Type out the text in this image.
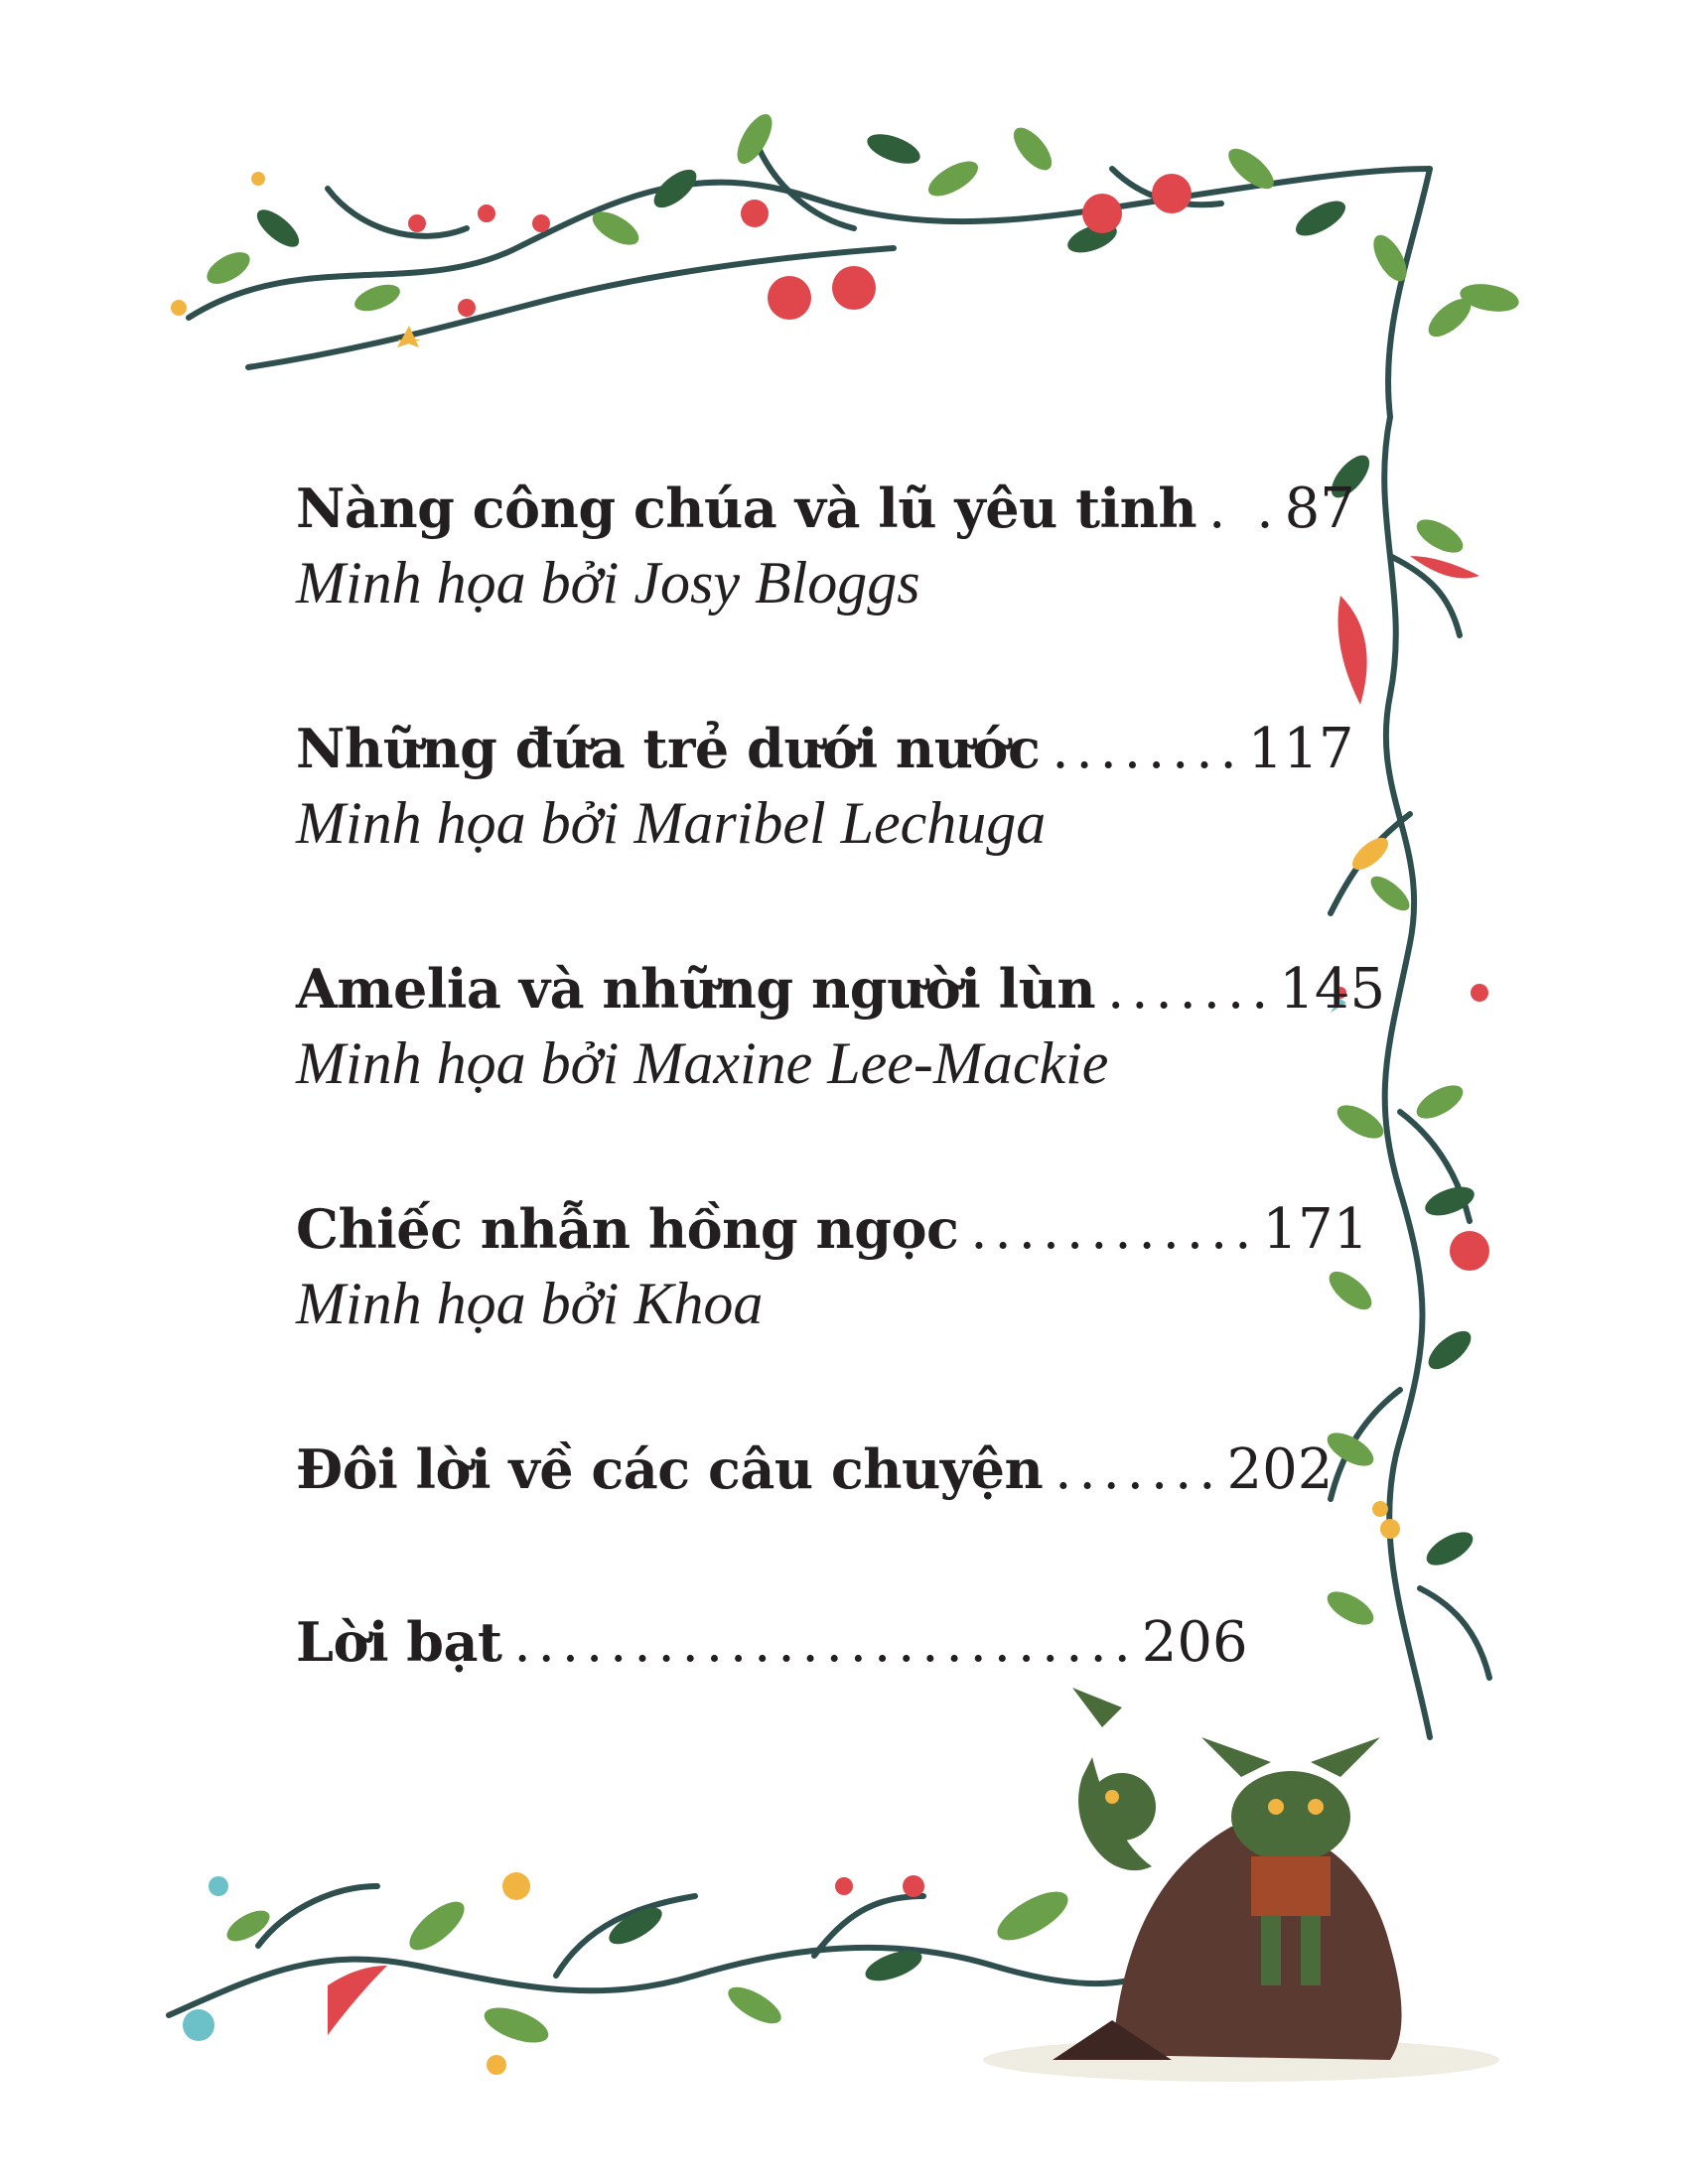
Nàng công chúa và lũ yêu tinh . . 87
Minh họa bởi Josy Bloggs
Những đứa trẻ dưới nước ........ 117
Minh họa bởi Maribel Lechuga
Amelia và những người lùn ....... 145
Minh họa bởi Maxine Lee-Mackie
Chiếc nhẫn hồng ngọc ............ 171
Minh họa bởi Khoa
Đôi lời về các câu chuyện ....... 202
Lời bạt .......................... 206
